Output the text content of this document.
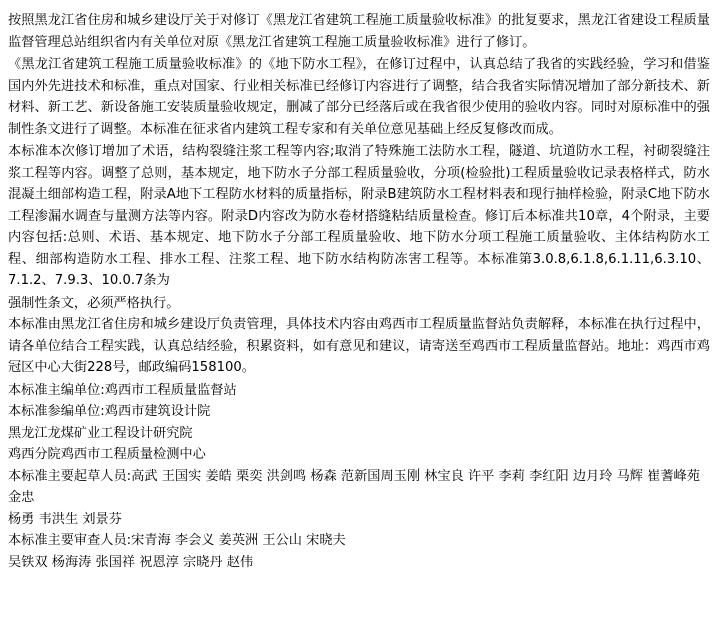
按照黑龙江省住房和城乡建设厅关于对修订《黑龙江省建筑工程施工质量验收标准》的批复要求，黑龙江省建设工程质量监督管理总站组织省内有关单位对原《黑龙江省建筑工程施工质量验收标准》进行了修订。

《黑龙江省建筑工程施工质量验收标准》的《地下防水工程》，在修订过程中，认真总结了我省的实践经验，学习和借鉴国内外先进技术和标准，重点对国家、行业相关标准已经修订内容进行了调整，结合我省实际情况增加了部分新技术、新材料、新工艺、新设备施工安装质量验收规定，删减了部分已经落后或在我省很少使用的验收内容。同时对原标准中的强制性条文进行了调整。本标准在征求省内建筑工程专家和有关单位意见基础上经反复修改而成。

本标准本次修订增加了术语，结构裂缝注浆工程等内容;取消了特殊施工法防水工程，隧道、坑道防水工程，衬砌裂缝注浆工程等内容。调整了总则，基本规定，地下防水子分部工程质量验收，分项(检验批)工程质量验收记录表格样式，防水混凝土细部构造工程，附录A地下工程防水材料的质量指标，附录B建筑防水工程材料表和现行抽样检验，附录C地下防水工程渗漏水调查与量测方法等内容。附录D内容改为防水卷材搭缝粘结质量检查。修订后本标准共10章，4个附录，主要内容包括:总则、术语、基本规定、地下防水子分部工程质量验收、地下防水分项工程施工质量验收、主体结构防水工程、细部构造防水工程、排水工程、注浆工程、地下防水结构防冻害工程等。本标准第3.0.8,6.1.8,6.1.11,6.3.10、7.1.2、7.9.3、10.0.7条为

强制性条文，必须严格执行。

本标准由黑龙江省住房和城乡建设厅负责管理，具体技术内容由鸡西市工程质量监督站负责解释，本标准在执行过程中，请各单位结合工程实践，认真总结经验，积累资料，如有意见和建议，请寄送至鸡西市工程质量监督站。地址：鸡西市鸡冠区中心大街228号，邮政编码158100。

本标准主编单位:鸡西市工程质量监督站

本标准参编单位:鸡西市建筑设计院

黑龙江龙煤矿业工程设计研究院

鸡西分院鸡西市工程质量检测中心

本标准主要起草人员:高武 王国实 姜皓 栗奕 洪剑鸣 杨森 范新国周玉刚 林宝良 许平 李莉 李红阳 边月玲 马辉 崔蓍峰苑金忠

杨勇 韦洪生 刘景芬

本标准主要审查人员:宋青海 李会义 姜英洲 王公山 宋晓夫

吴铁双 杨海涛 张国祥 祝恩淳 宗晓丹 赵伟
